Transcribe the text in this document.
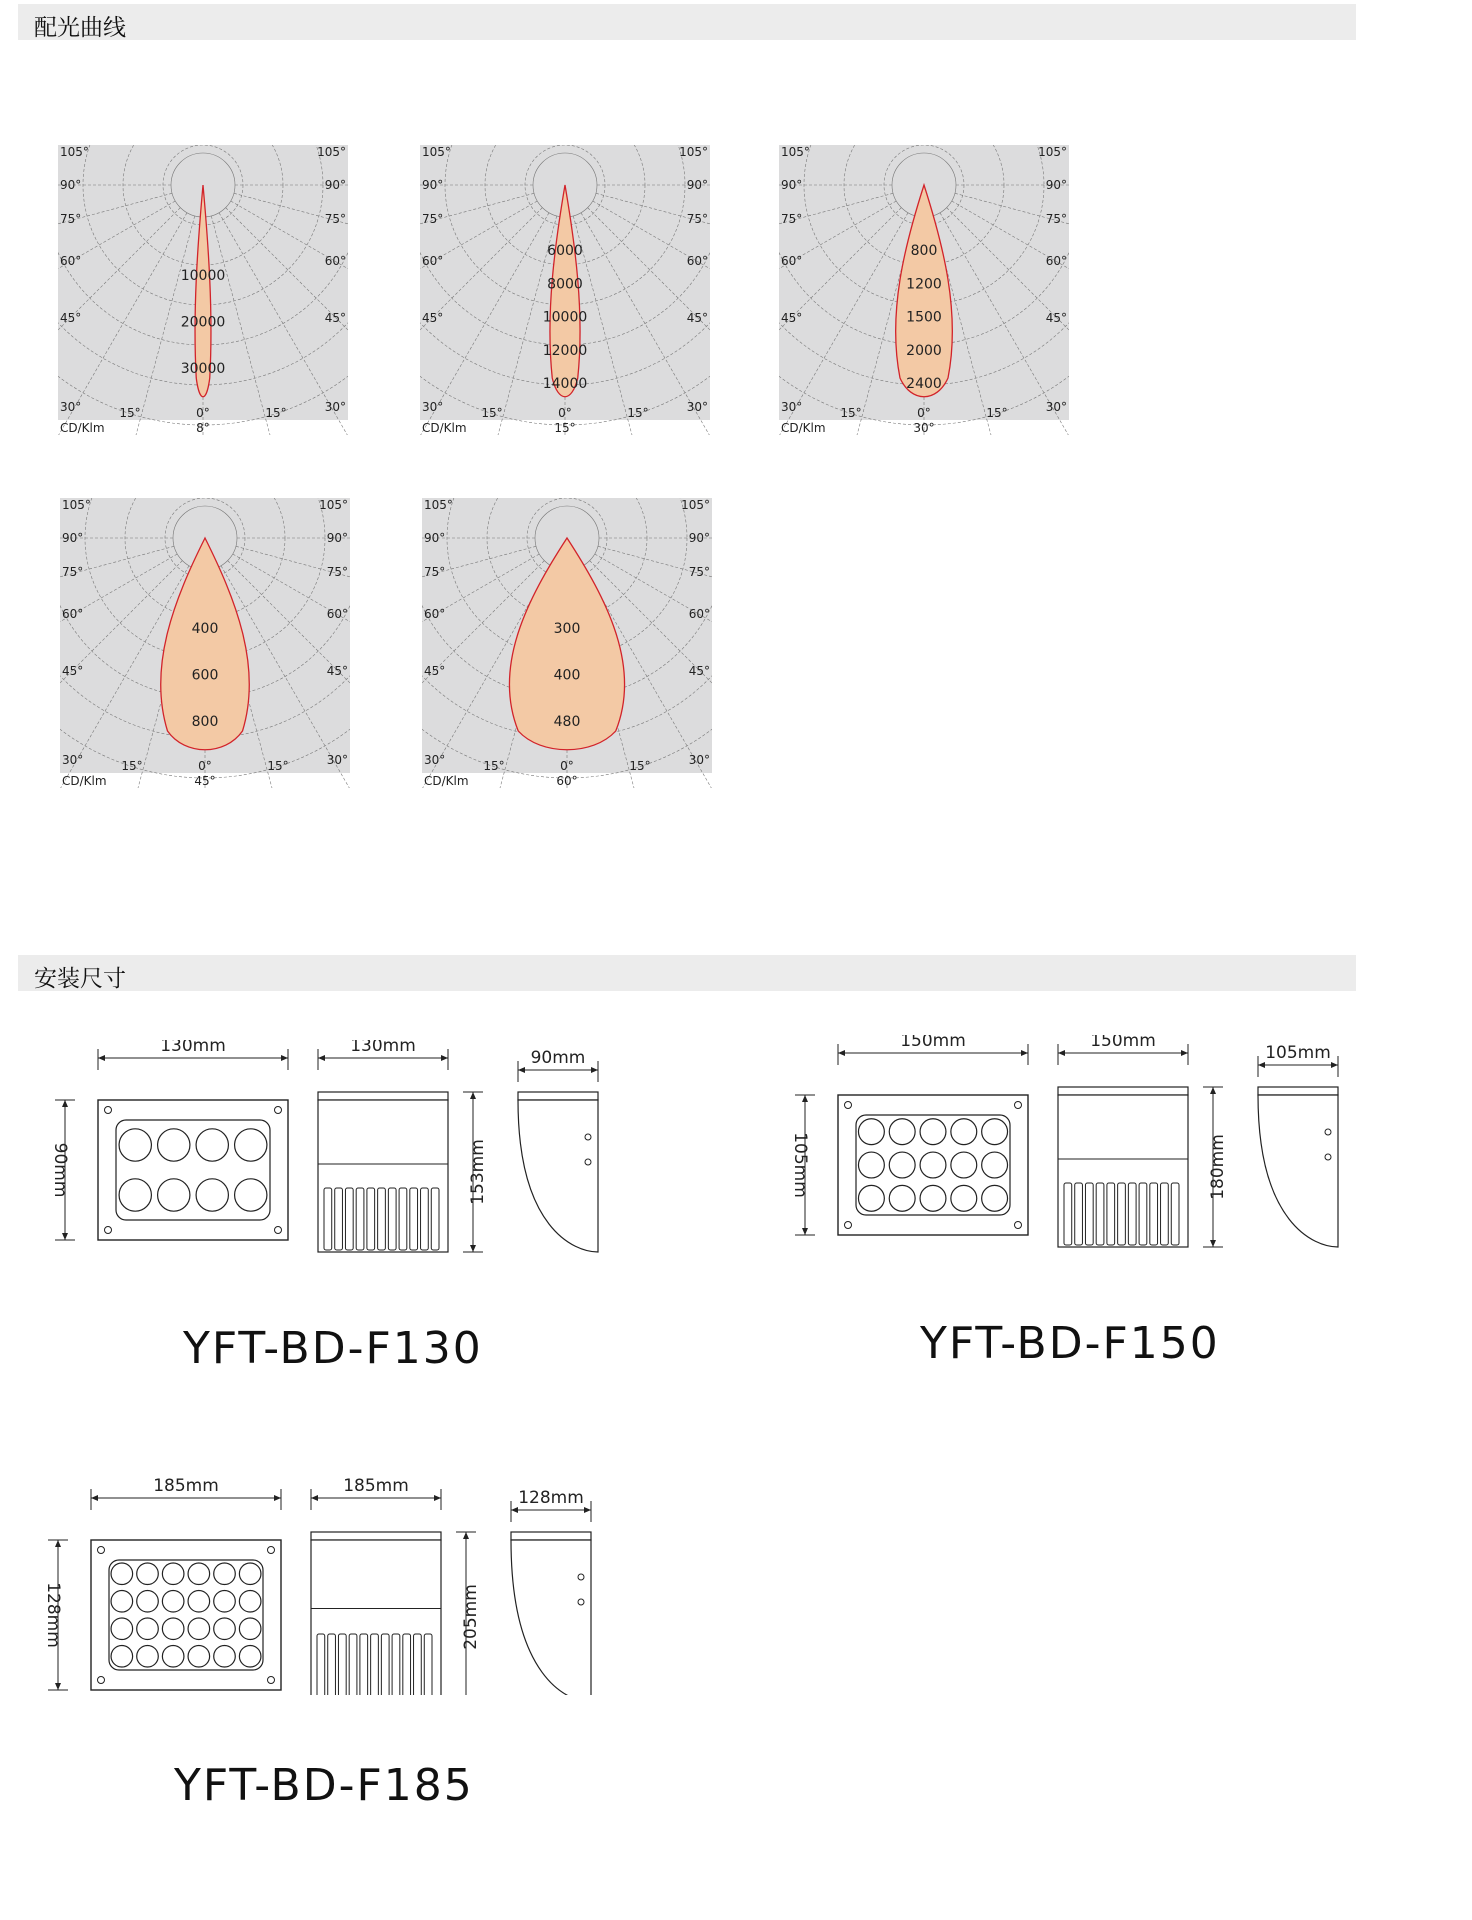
配光曲线
105°	105°
90°	90°
75°	75°
60°	60°
45°	45°
30°	30°
15°	15°
0°
CD/Klm	8°
10000
20000
30000
105°	105°
90°	90°
75°	75°
60°	60°
45°	45°
30°	30°
15°	15°
0°
CD/Klm	15°
6000
8000
10000
12000
14000
105°	105°
90°	90°
75°	75°
60°	60°
45°	45°
30°	30°
15°	15°
0°
CD/Klm	30°
800
1200
1500
2000
2400
105°	105°
90°	90°
75°	75°
60°	60°
45°	45°
30°	30°
15°	15°
0°
CD/Klm	45°
400
600
800
105°	105°
90°	90°
75°	75°
60°	60°
45°	45°
30°	30°
15°	15°
0°
CD/Klm	60°
300
400
480
安装尺寸
130mm
90mm
130mm
153mm
90mm
YFT-BD-F130
150mm
105mm
150mm
180mm
105mm
YFT-BD-F150
185mm
128mm
185mm
205mm
128mm
YFT-BD-F185
